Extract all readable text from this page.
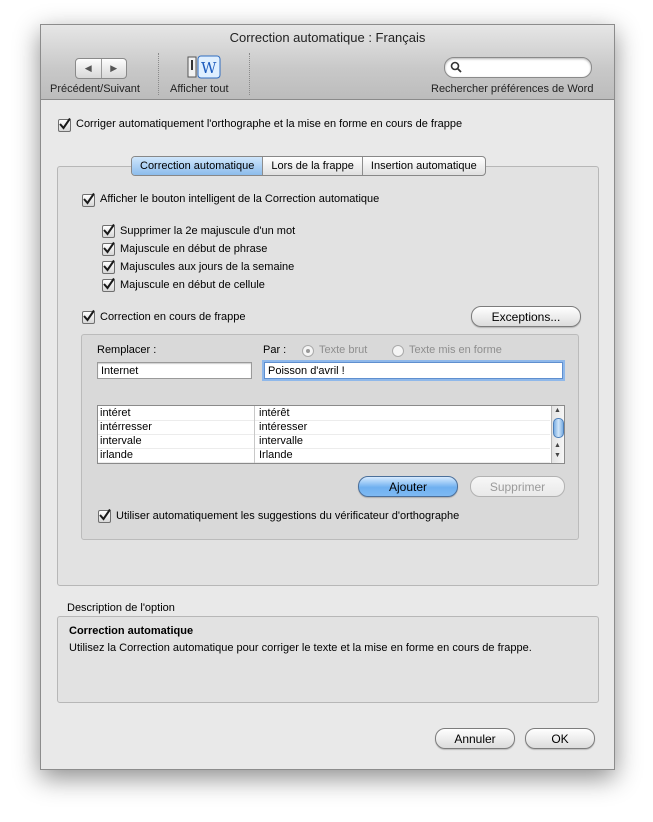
Correction automatique : Français
◀	▶
Précédent/Suivant
W
Afficher tout	Rechercher préférences de Word
Corriger automatiquement l'orthographe et la mise en forme en cours de frappe
Correction automatique	Lors de la frappe	Insertion automatique
Afficher le bouton intelligent de la Correction automatique
Supprimer la 2e majuscule d'un mot
Majuscule en début de phrase
Majuscules aux jours de la semaine
Majuscule en début de cellule
Correction en cours de frappe	Exceptions...
Remplacer :	Par :	Texte brut	Texte mis en forme
Internet	Poisson d'avril !
intéret	intérêt
intérresser	intéresser
intervale	intervalle
irlande	Irlande
▲
▲
▼
Ajouter	Supprimer
Utiliser automatiquement les suggestions du vérificateur d'orthographe
Description de l'option
Correction automatique
Utilisez la Correction automatique pour corriger le texte et la mise en forme en cours de frappe.
Annuler	OK
